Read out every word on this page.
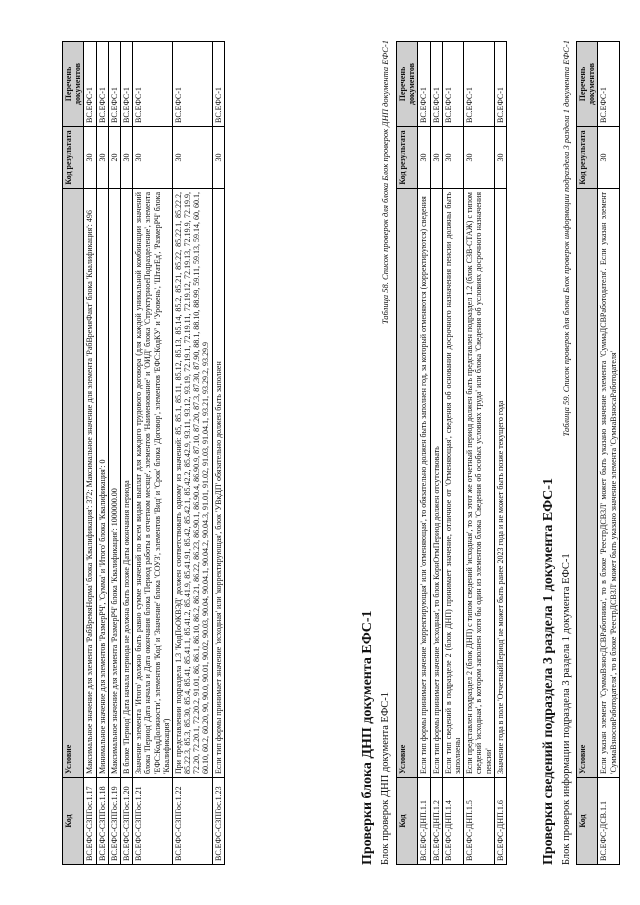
Код	Условие	Код результата	Перечень документов
ВС.ЕФС-СЗПГос.1.17	Максимальное значение для элемента 'РабВремяНорма' блока 'Квалификация': 372; Максимальное значение для элемента 'РабВремяФакт' блока 'Квалификация': 496	30	ВС.ЕФС-1
ВС.ЕФС-СЗПГос.1.18	Минимальное значение для элементов 'РазмерРЧ', 'Сумма' и 'Итого' блока 'Квалификация': 0	30	ВС.ЕФС-1
ВС.ЕФС-СЗПГос.1.19	Максимальное значение для элемента 'РазмерРЧ' блока 'Квалификация': 1000000.00	20	ВС.ЕФС-1
ВС.ЕФС-СЗПГос.1.20	В блоке 'Период' Дата начала периода не должна быть позже Даты окончания периода	30	ВС.ЕФС-1
ВС.ЕФС-СЗПГос.1.21	Значение элемента 'Итого' должно быть равно сумме значений по всем видам выплат для каждого трудового договора (для каждой уникальной комбинации значений блока 'Период' Дата начала и Дата окончания блока 'Период работы в отчетном месяце', элементов 'Наименование' и 'ОИД' блока 'СтруктурноеПодразделение', элемента 'ЕФС:КодДолжности', элементов 'Код' и 'Значение' блока 'СОУЗ', элементов 'Вид' и 'Срок' блока 'Договор', элементов 'ЕФС:КодКУ' и 'Уровень', 'ШтатЕд', 'РазмерРЧ' блока 'Квалификация')	30	ВС.ЕФС-1
ВС.ЕФС-СЗПГос.1.22	При представлении подраздела 1.3 'КодПоОКВЭД' должен соответствовать одному из значений: 85, 85.1, 85.11, 85.12, 85.13, 85.14, 85.2, 85.21, 85.22, 85.22.1, 85.22.2, 85.22.3, 85.3, 85.30, 85.4, 85.41, 85.41.1, 85.41.2, 85.41.9, 85.41.91, 85.42, 85.42.1, 85.42.2, 85.42.9, 93.11, 93.12, 93.19, 72.19.1, 72.19.11, 72.19.12, 72.19.13, 72.19.9, 72.19.9, 72.20, 72.20.1, 72.20.2, 91.01, 86, 86.1, 86.10, 86.2, 86.21, 86.22, 86.23, 86.90.1, 86.90.4, 86.90.9, 87.10, 87.20, 87.3, 87.30, 87.90, 88.1, 88.10, 88.99, 59.11, 59.13, 59.14, 60, 60.1, 60.10, 60.2, 60.20, 90, 90.0, 90.01, 90.02, 90.03, 90.04, 90.04.1, 90.04.2, 90.04.3, 91.01, 91.02, 91.03, 91.04.1, 93.21, 93.29.2, 93.29.9	30	ВС.ЕФС-1
ВС.ЕФС-СЗПГос.1.23	Если тип формы принимает значение 'исходная' или 'корректирующая', блок 'УВкДП' обязательно должен быть заполнен	30	ВС.ЕФС-1
Проверки блока ДНП документа ЕФС-1 Блок проверок ДНП документа ЕФС-1

Таблица 58. Список проверок для блока Блок проверок ДНП документа ЕФС-1

Код	Условие	Код результата	Перечень документов
ВС.ЕФС-ДНП.1.1	Если тип формы принимает значение 'корректирующая' или 'отменяющая', то обязательно должен быть заполнен год, за который отменяются (корректируются) сведения	30	ВС.ЕФС-1
ВС.ЕФС-ДНП.1.2	Если тип формы принимает значение 'исходная', то блок КорнОтмПериод должен отсутствовать	30	ВС.ЕФС-1
ВС.ЕФС-ДНП.1.4	Если тип сведений в подразделе 2 (блок ДНП) принимает значение, отличное от 'Отменяющая', сведения об основании досрочного назначения пенсии должны быть заполнены	30	ВС.ЕФС-1
ВС.ЕФС-ДНП.1.5	Если представлен подраздел 2 (блок ДНП) с типом сведений 'исходная', то за этот же отчетный период должен быть представлен подраздел 1.2 (блок СЗВ-СТАЖ) с типом сведений 'исходная', в котором заполнен хотя бы один из элементов блока 'Сведения об особых условиях труда' или блока 'Сведения об условиях досрочного назначения пенсии'	30	ВС.ЕФС-1
ВС.ЕФС-ДНП.1.6	Значение года в поле 'ОтчетныйПериод' не может быть ранее 2023 года и не может быть позже текущего года	30	ВС.ЕФС-1
Проверки сведений подраздела 3 раздела 1 документа ЕФС-1 Блок проверок информации подраздела 3 раздела 1 документа ЕФС-1

Таблица 59. Список проверок для блока Блок проверок информации подраздела 3 раздела 1 документа ЕФС-1

Код	Условие	Код результата	Перечень документов
ВС.ЕФС-ДСВ.1.1	Если указан элемент 'СуммаВзносДСВРаботника', то в блоке 'РеестрДСВ3Л' может быть указано значение элемента 'СуммаДСВРаботодателя'. Если указан элемент 'СуммаВзносовРаботодателя', то в блоке 'РеестрДСВ3Л' может быть указано значение элемента 'СуммаВзносаРаботодателя'	30	ВС.ЕФС-1
